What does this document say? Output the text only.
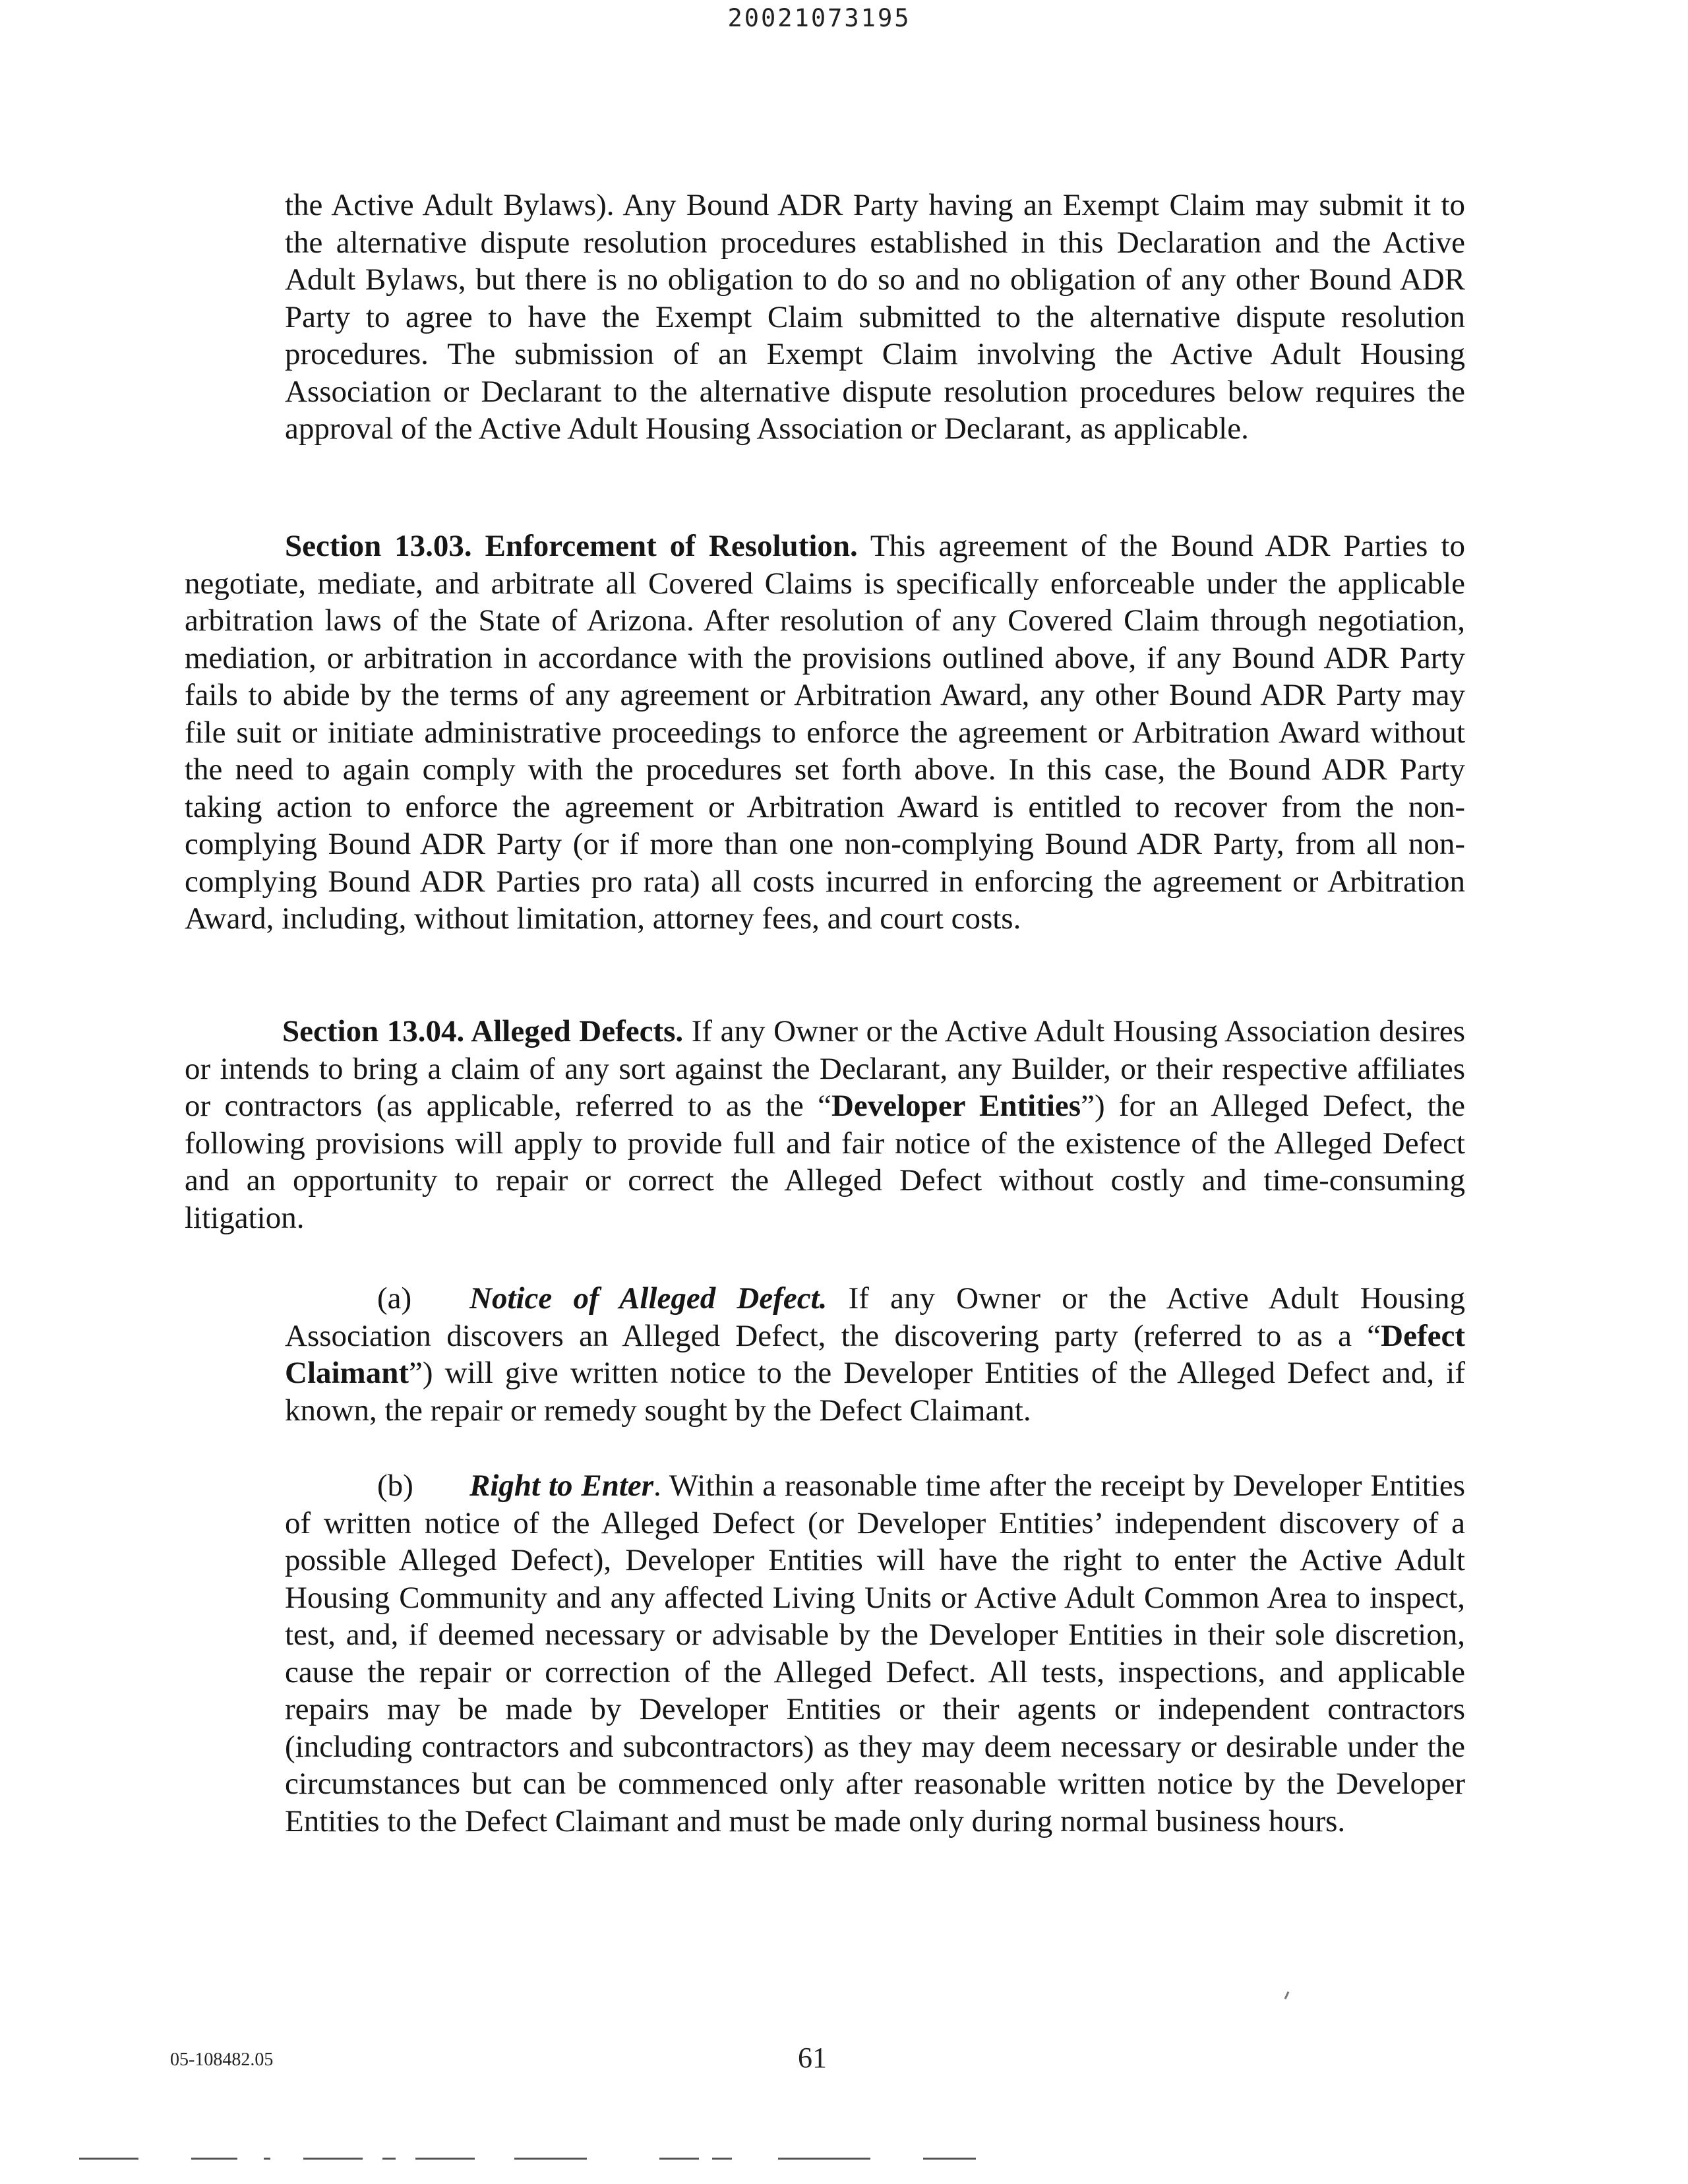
20021073195

the Active Adult Bylaws). Any Bound ADR Party having an Exempt Claim may submit it to the alternative dispute resolution procedures established in this Declaration and the Active Adult Bylaws, but there is no obligation to do so and no obligation of any other Bound ADR Party to agree to have the Exempt Claim submitted to the alternative dispute resolution procedures. The submission of an Exempt Claim involving the Active Adult Housing Association or Declarant to the alternative dispute resolution procedures below requires the approval of the Active Adult Housing Association or Declarant, as applicable.

Section 13.03. Enforcement of Resolution. This agreement of the Bound ADR Parties to negotiate, mediate, and arbitrate all Covered Claims is specifically enforceable under the applicable arbitration laws of the State of Arizona. After resolution of any Covered Claim through negotiation, mediation, or arbitration in accordance with the provisions outlined above, if any Bound ADR Party fails to abide by the terms of any agreement or Arbitration Award, any other Bound ADR Party may file suit or initiate administrative proceedings to enforce the agreement or Arbitration Award without the need to again comply with the procedures set forth above. In this case, the Bound ADR Party taking action to enforce the agreement or Arbitration Award is entitled to recover from the non-complying Bound ADR Party (or if more than one non-complying Bound ADR Party, from all non- complying Bound ADR Parties pro rata) all costs incurred in enforcing the agreement or Arbitration Award, including, without limitation, attorney fees, and court costs.

Section 13.04. Alleged Defects. If any Owner or the Active Adult Housing Association desires or intends to bring a claim of any sort against the Declarant, any Builder, or their respective affiliates or contractors (as applicable, referred to as the “Developer Entities”) for an Alleged Defect, the following provisions will apply to provide full and fair notice of the existence of the Alleged Defect and an opportunity to repair or correct the Alleged Defect without costly and time-consuming litigation.

(a) Notice of Alleged Defect. If any Owner or the Active Adult Housing Association discovers an Alleged Defect, the discovering party (referred to as a “Defect Claimant”) will give written notice to the Developer Entities of the Alleged Defect and, if known, the repair or remedy sought by the Defect Claimant.

(b) Right to Enter. Within a reasonable time after the receipt by Developer Entities of written notice of the Alleged Defect (or Developer Entities’ independent discovery of a possible Alleged Defect), Developer Entities will have the right to enter the Active Adult Housing Community and any affected Living Units or Active Adult Common Area to inspect, test, and, if deemed necessary or advisable by the Developer Entities in their sole discretion, cause the repair or correction of the Alleged Defect. All tests, inspections, and applicable repairs may be made by Developer Entities or their agents or independent contractors (including contractors and subcontractors) as they may deem necessary or desirable under the circumstances but can be commenced only after reasonable written notice by the Developer Entities to the Defect Claimant and must be made only during normal business hours.

05-108482.05	61
